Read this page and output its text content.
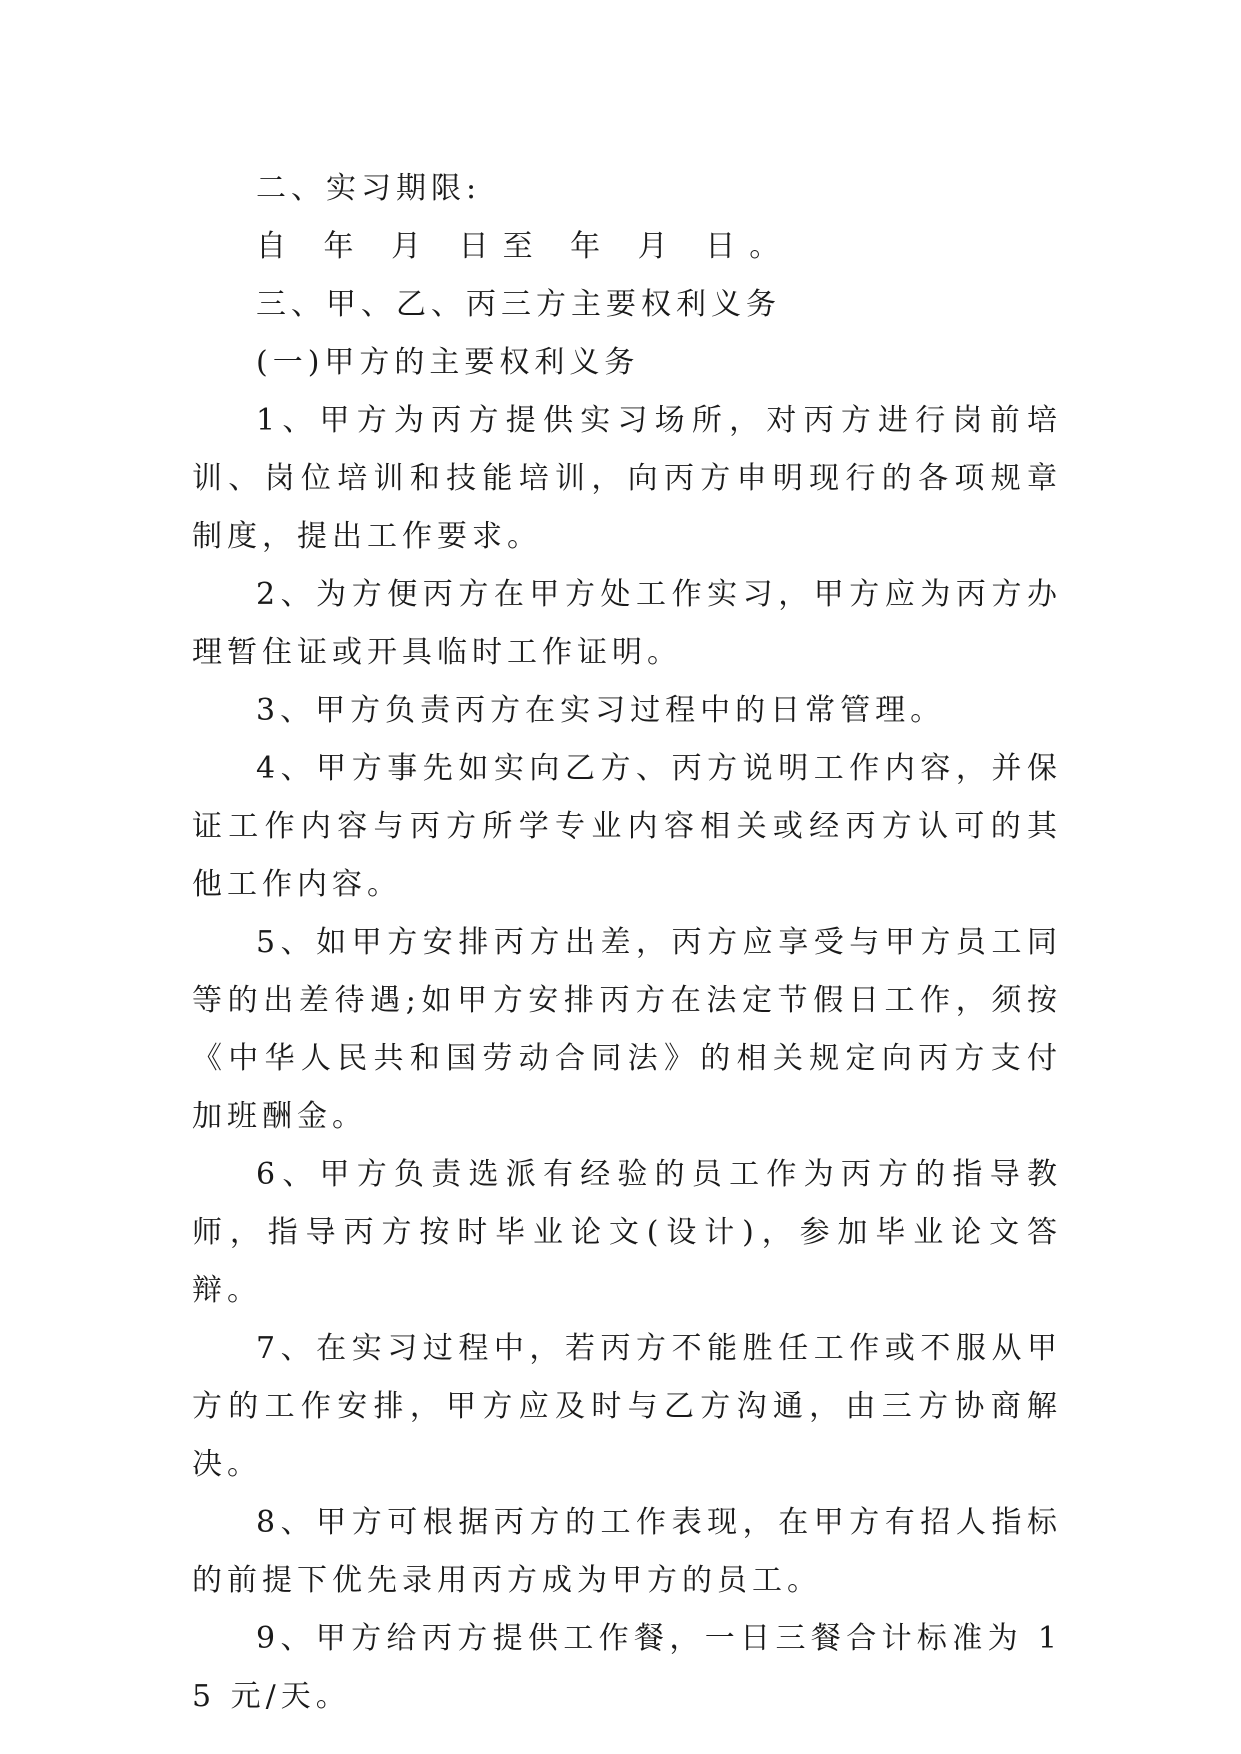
二、实习期限:

自 年 月 日至 年 月 日。

三、甲、乙、丙三方主要权利义务

(一)甲方的主要权利义务

1、甲方为丙方提供实习场所，对丙方进行岗前培训、岗位培训和技能培训，向丙方申明现行的各项规章制度，提出工作要求。

2、为方便丙方在甲方处工作实习，甲方应为丙方办理暂住证或开具临时工作证明。

3、甲方负责丙方在实习过程中的日常管理。

4、甲方事先如实向乙方、丙方说明工作内容，并保证工作内容与丙方所学专业内容相关或经丙方认可的其他工作内容。

5、如甲方安排丙方出差，丙方应享受与甲方员工同等的出差待遇;如甲方安排丙方在法定节假日工作，须按《中华人民共和国劳动合同法》的相关规定向丙方支付加班酬金。

6、甲方负责选派有经验的员工作为丙方的指导教师，指导丙方按时毕业论文(设计)，参加毕业论文答辩。

7、在实习过程中，若丙方不能胜任工作或不服从甲方的工作安排，甲方应及时与乙方沟通，由三方协商解决。

8、甲方可根据丙方的工作表现，在甲方有招人指标的前提下优先录用丙方成为甲方的员工。

9、甲方给丙方提供工作餐，一日三餐合计标准为 15 元/天。
